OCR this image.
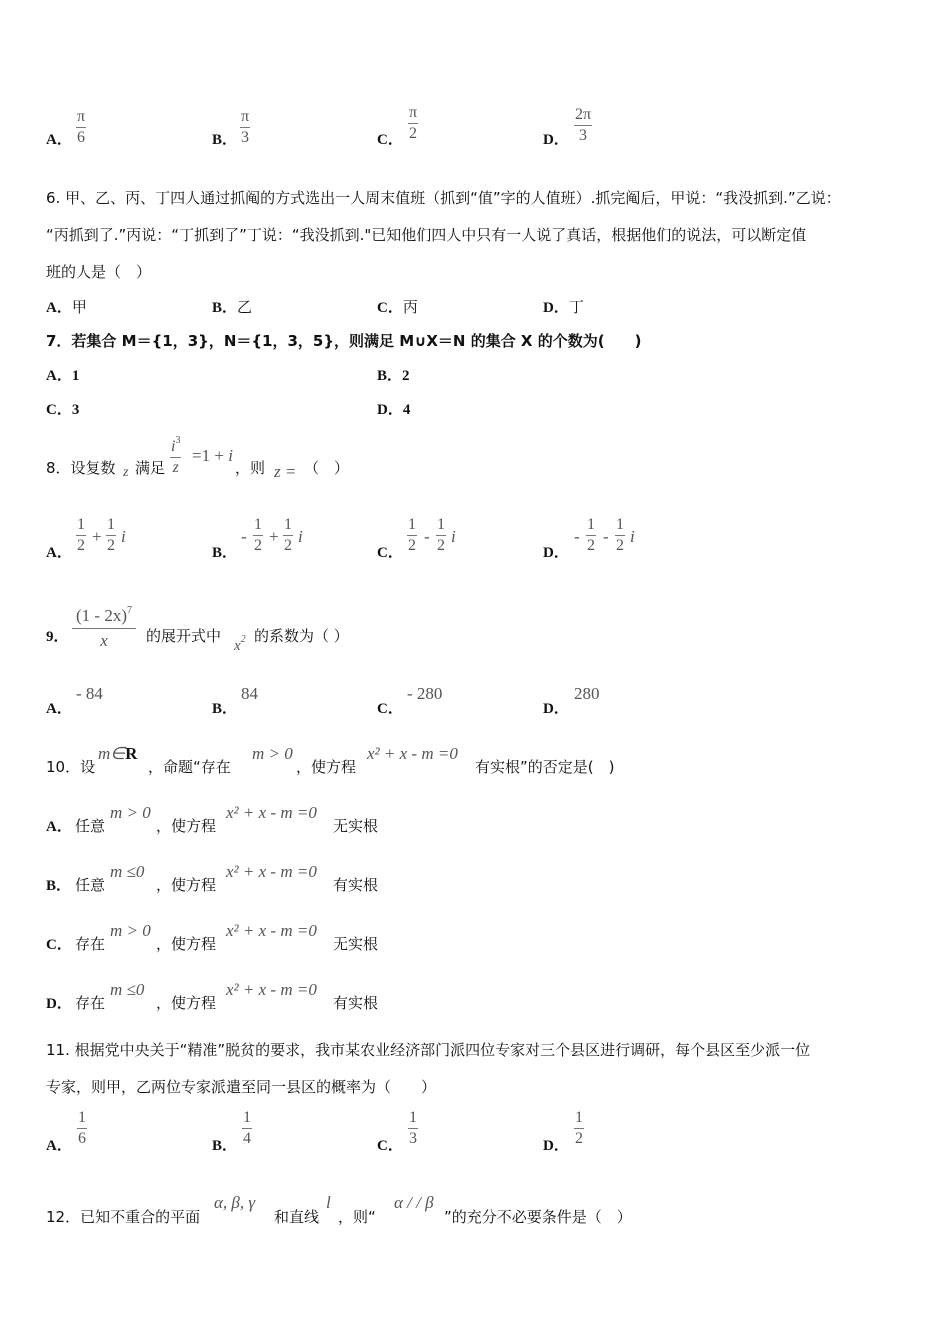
A． $\frac{\pi}{6}$	B． $\frac{\pi}{3}$	C． $\frac{\pi}{2}$	D． $\frac{2\pi}{3}$
6. 甲、乙、丙、丁四人通过抓阄的方式选出一人周末值班（抓到“值”字的人值班）.抓完阄后，甲说：“我没抓到.”乙说：
“丙抓到了.”丙说：“丁抓到了”丁说：“我没抓到."已知他们四人中只有一人说了真话，根据他们的说法，可以断定值
班的人是（　）
A．甲	B．乙	C．丙	D．丁
7．若集合 M＝{1，3}，N＝{1，3，5}，则满足 M∪X＝N 的集合 X 的个数为(　　)
A．1	B．2
C．3	D．4
8．设复数 z 满足 $\frac{i^3}{z} =1 + i$
，则 z = （　）
A． $\frac{1}{2} + \frac{1}{2}$ i
B．
- $\frac{1}{2} + \frac{1}{2}$ i
C． $\frac{1}{2} - \frac{1}{2}$ i
D．
- $\frac{1}{2} - \frac{1}{2}$ i
9． $\frac{(1 - 2x)^7}{x}$ 的展开式中
$x^2$ 的系数为（ ）
A．
- 84
B．
84
C．
- 280
D．
280
10．设
m∈R
，命题“存在
m > 0
，使方程
x² + x - m =0
有实根”的否定是(　)
A． 任意
m > 0
，使方程
x² + x - m =0
无实根
B． 任意
m ≤0
，使方程
x² + x - m =0
有实根
C． 存在
m > 0
，使方程
x² + x - m =0
无实根
D． 存在
m ≤0
，使方程
x² + x - m =0
有实根
11. 根据党中央关于“精准”脱贫的要求，我市某农业经济部门派四位专家对三个县区进行调研，每个县区至少派一位
专家，则甲，乙两位专家派遣至同一县区的概率为（　　）
A． $\frac{1}{6}$	B． $\frac{1}{4}$	C． $\frac{1}{3}$	D． $\frac{1}{2}$
12．已知不重合的平面
α, β, γ
和直线
l
，则“
α / / β
”的充分不必要条件是（　）
